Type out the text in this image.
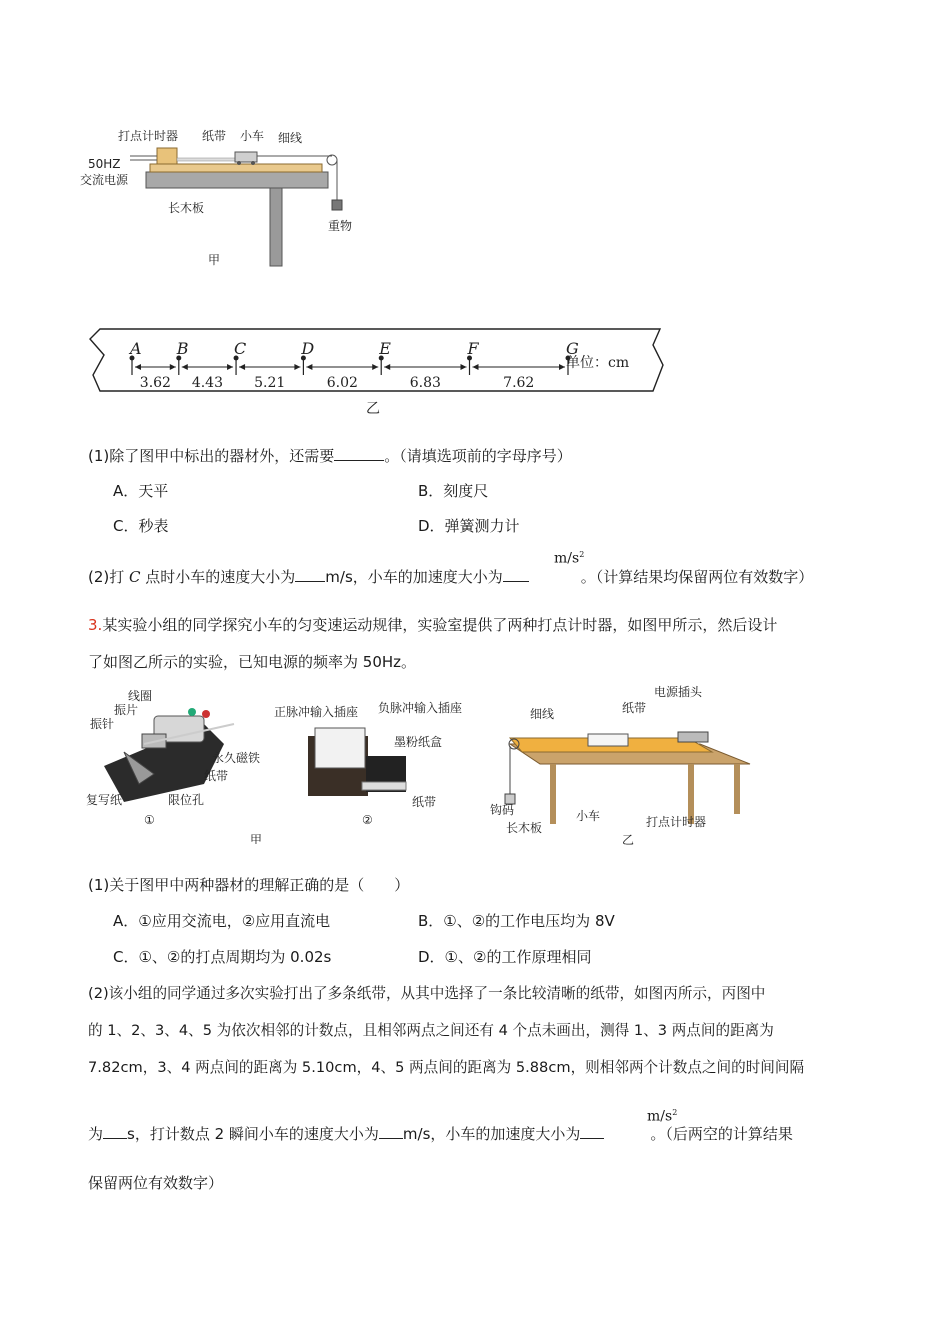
打点计时器 纸带 小车 细线
50HZ
交流电源
长木板
重物
甲
A B	C	D	E	F	G
3.62 4.43 5.21	6.02	6.83	7.62
单位：cm
乙
(1)除了图甲中标出的器材外，还需要	。（请填选项前的字母序号）
A．天平	B．刻度尺
C．秒表	D．弹簧测力计
(2)打 C 点时小车的速度大小为 m/s，小车的加速度大小为	。（计算结果均保留两位有效数字）
$m/s^2$
3.某实验小组的同学探究小车的匀变速运动规律，实验室提供了两种打点计时器，如图甲所示，然后设计
了如图乙所示的实验，已知电源的频率为 50Hz。
线圈
振片
振针
永久磁铁
纸带
复写纸	限位孔
①
甲
正脉冲输入插座 负脉冲输入插座
墨粉纸盒
纸带
②
电源插头
细线	纸带
钩码
长木板
小车	打点计时器
乙
(1)关于图甲中两种器材的理解正确的是（　　）
A．①应用交流电，②应用直流电	B．①、②的工作电压均为 8V
C．①、②的打点周期均为 0.02s	D．①、②的工作原理相同
(2)该小组的同学通过多次实验打出了多条纸带，从其中选择了一条比较清晰的纸带，如图丙所示，丙图中
的 1、2、3、4、5 为依次相邻的计数点，且相邻两点之间还有 4 个点未画出，测得 1、3 两点间的距离为
7.82cm，3、4 两点间的距离为 5.10cm，4、5 两点间的距离为 5.88cm，则相邻两个计数点之间的时间间隔
为 s，打计数点 2 瞬间小车的速度大小为 m/s，小车的加速度大小为	。（后两空的计算结果
$m/s^2$
保留两位有效数字）
